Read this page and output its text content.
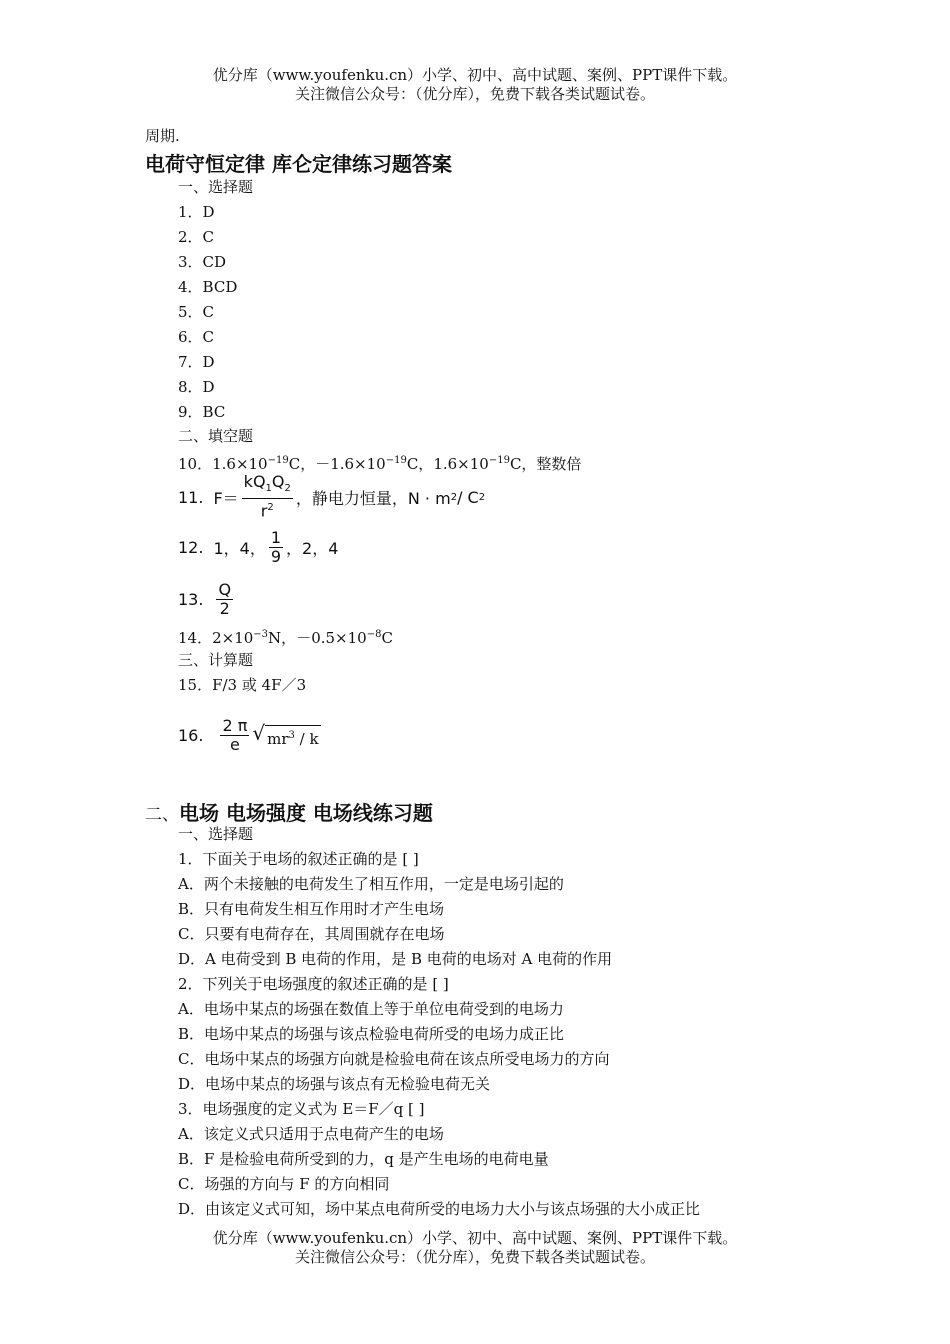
优分库（www.youfenku.cn）小学、初中、高中试题、案例、PPT课件下载。
关注微信公众号：（优分库），免费下载各类试题试卷。
周期.
电荷守恒定律 库仑定律练习题答案
一、选择题
1．D
2．C
3．CD
4．BCD
5．C
6．C
7．D
8．D
9．BC
二、填空题
10．$1.6\times 10^{-19}C$，$-1.6\times 10^{-19}C$，$1.6\times 10^{-19}C$，整数倍
11. $F= \frac{kQ_1Q_2}{r^2}$ ，静电力恒量，N · m 2 / C 2
12. 1，4， $\frac{1}{9}$ ，2，4
13. $\frac{Q}{2}$
14．$2\times 10^{-3}N$，$-0.5\times 10^{-8}C$
三、计算题
15．F/3 或 4F／3
16. $\frac{2 \pi}{e}$ √ $mr^3$ / k
二、电场 电场强度 电场线练习题
一、选择题
1．下面关于电场的叙述正确的是 [ ]
A．两个未接触的电荷发生了相互作用，一定是电场引起的
B．只有电荷发生相互作用时才产生电场
C．只要有电荷存在，其周围就存在电场
D．A 电荷受到 B 电荷的作用，是 B 电荷的电场对 A 电荷的作用
2．下列关于电场强度的叙述正确的是 [ ]
A．电场中某点的场强在数值上等于单位电荷受到的电场力
B．电场中某点的场强与该点检验电荷所受的电场力成正比
C．电场中某点的场强方向就是检验电荷在该点所受电场力的方向
D．电场中某点的场强与该点有无检验电荷无关
3．电场强度的定义式为 E＝F／q [ ]
A．该定义式只适用于点电荷产生的电场
B．F 是检验电荷所受到的力，q 是产生电场的电荷电量
C．场强的方向与 F 的方向相同
D．由该定义式可知，场中某点电荷所受的电场力大小与该点场强的大小成正比
优分库（www.youfenku.cn）小学、初中、高中试题、案例、PPT课件下载。
关注微信公众号：（优分库），免费下载各类试题试卷。
